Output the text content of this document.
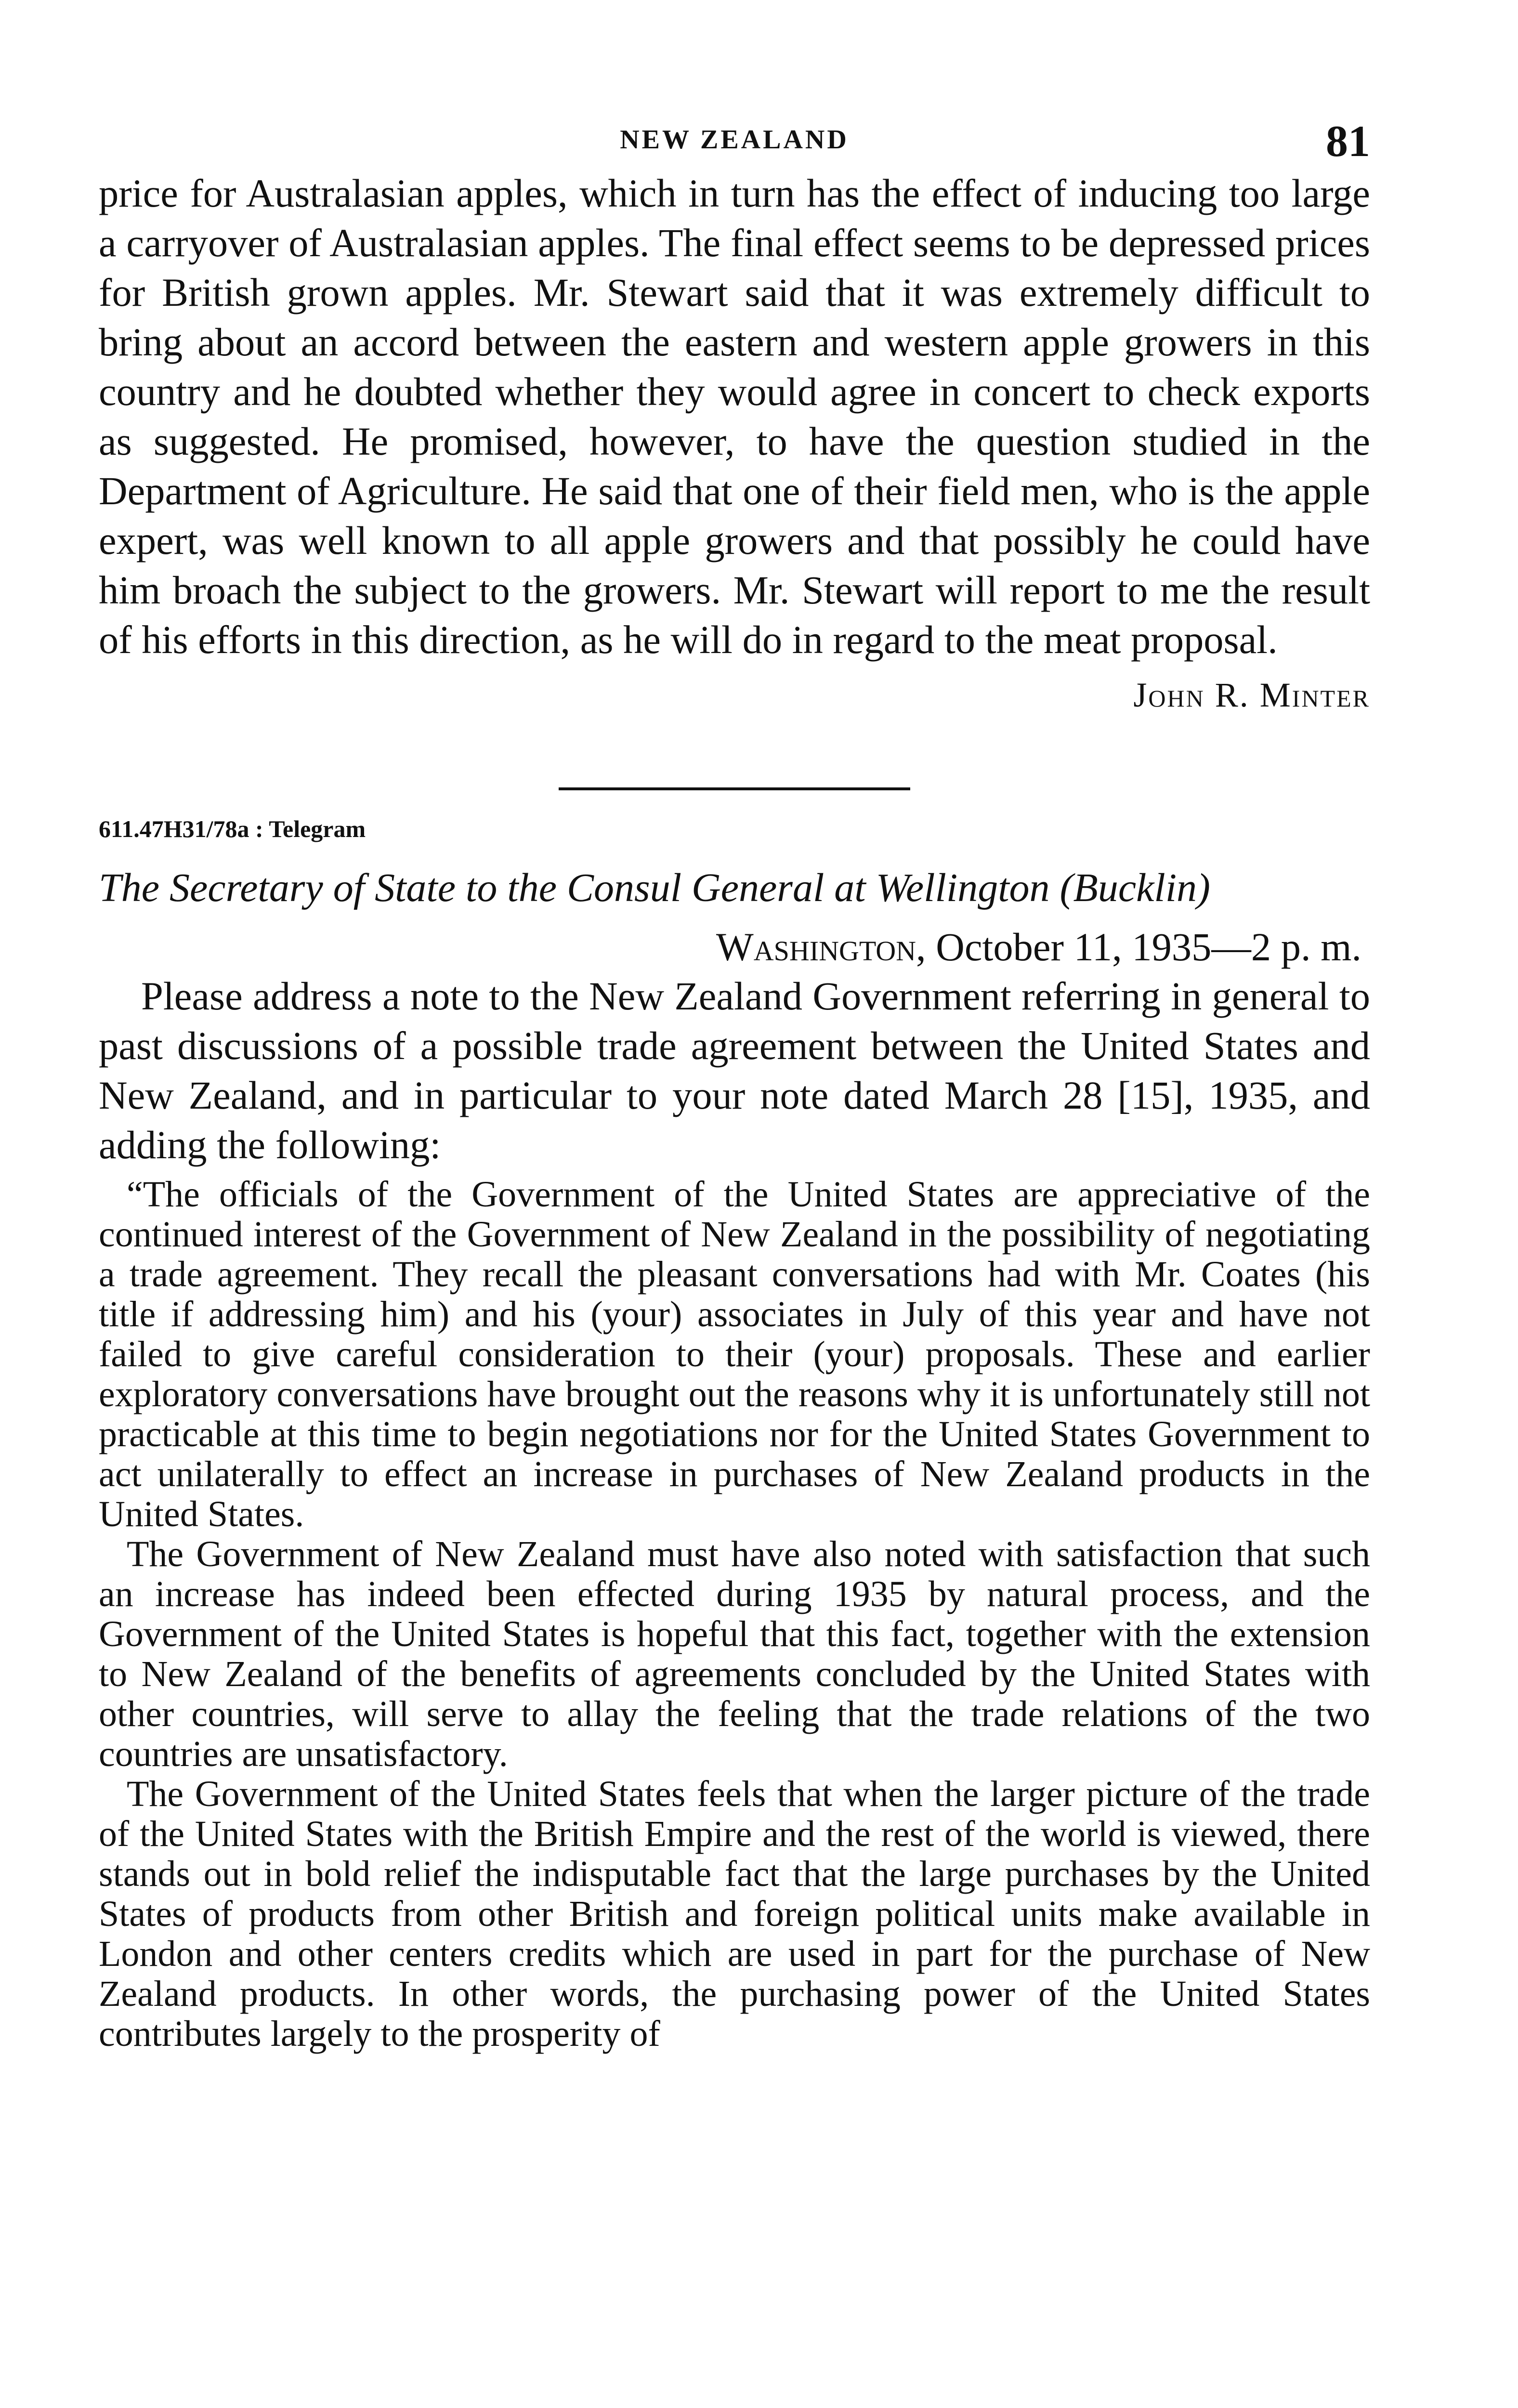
NEW ZEALAND	81

price for Australasian apples, which in turn has the effect of inducing too large a carryover of Australasian apples. The final effect seems to be depressed prices for British grown apples. Mr. Stewart said that it was extremely difficult to bring about an accord between the eastern and western apple growers in this country and he doubted whether they would agree in concert to check exports as suggested. He promised, however, to have the question studied in the Department of Agriculture. He said that one of their field men, who is the apple expert, was well known to all apple growers and that possibly he could have him broach the subject to the growers. Mr. Stewart will report to me the result of his efforts in this direction, as he will do in regard to the meat proposal.

John R. Minter
611.47H31/78a : Telegram
The Secretary of State to the Consul General at Wellington (Bucklin)
Washington, October 11, 1935—2 p. m.

Please address a note to the New Zealand Government referring in general to past discussions of a possible trade agreement between the United States and New Zealand, and in particular to your note dated March 28 [15], 1935, and adding the following:

“The officials of the Government of the United States are appreciative of the continued interest of the Government of New Zealand in the possibility of negotiating a trade agreement. They recall the pleasant conversations had with Mr. Coates (his title if addressing him) and his (your) associates in July of this year and have not failed to give careful consideration to their (your) proposals. These and earlier exploratory conversations have brought out the reasons why it is unfortunately still not practicable at this time to begin negotiations nor for the United States Government to act unilaterally to effect an increase in purchases of New Zealand products in the United States.

The Government of New Zealand must have also noted with satisfaction that such an increase has indeed been effected during 1935 by natural process, and the Government of the United States is hopeful that this fact, together with the extension to New Zealand of the benefits of agreements concluded by the United States with other countries, will serve to allay the feeling that the trade relations of the two countries are unsatisfactory.

The Government of the United States feels that when the larger picture of the trade of the United States with the British Empire and the rest of the world is viewed, there stands out in bold relief the indisputable fact that the large purchases by the United States of products from other British and foreign political units make available in London and other centers credits which are used in part for the purchase of New Zealand products. In other words, the purchasing power of the United States contributes largely to the prosperity of
